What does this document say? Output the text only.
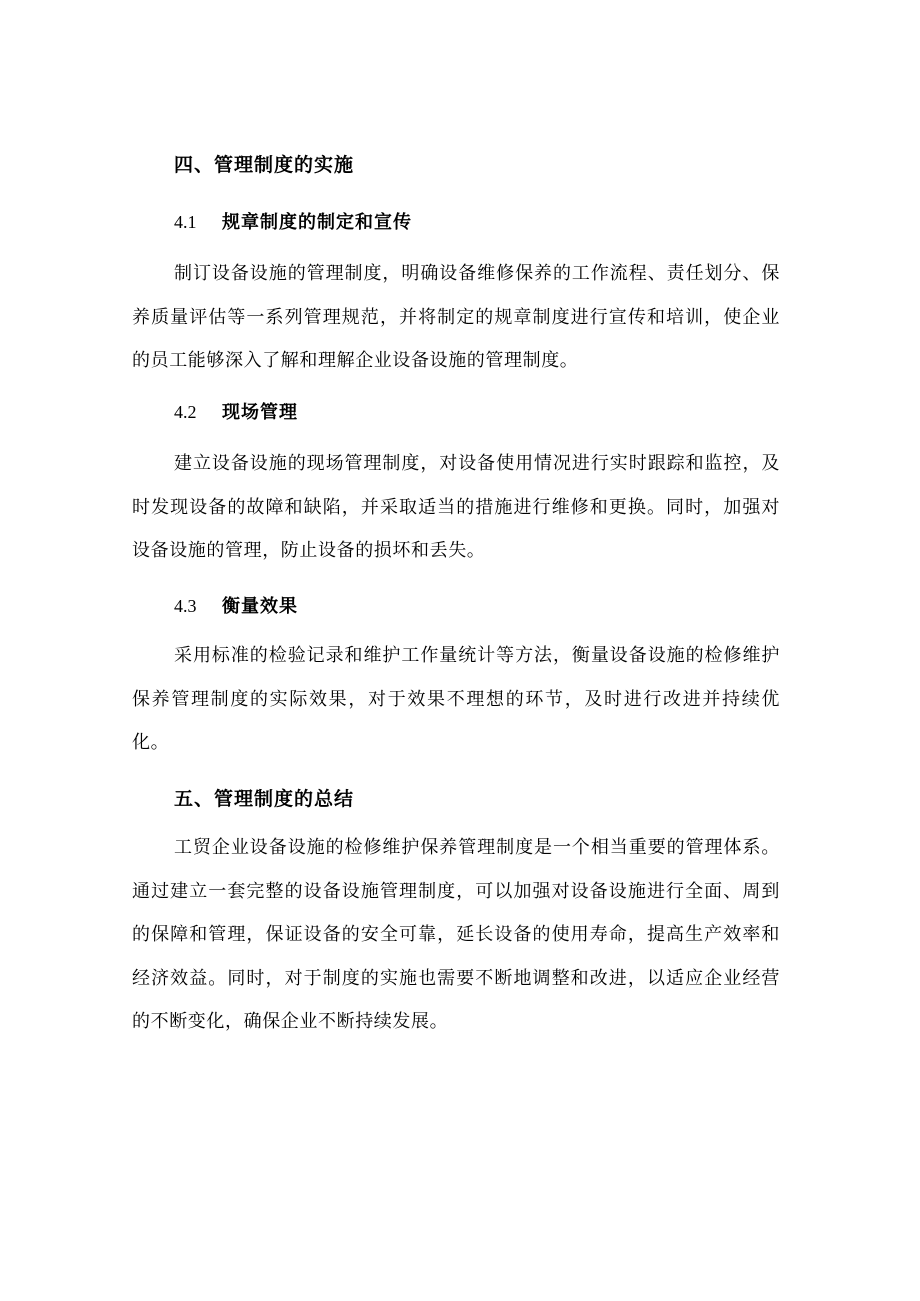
四、管理制度的实施
4.1 规章制度的制定和宣传

制订设备设施的管理制度，明确设备维修保养的工作流程、责任划分、保养质量评估等一系列管理规范，并将制定的规章制度进行宣传和培训，使企业的员工能够深入了解和理解企业设备设施的管理制度。

4.2 现场管理

建立设备设施的现场管理制度，对设备使用情况进行实时跟踪和监控，及时发现设备的故障和缺陷，并采取适当的措施进行维修和更换。同时，加强对设备设施的管理，防止设备的损坏和丢失。

4.3 衡量效果

采用标准的检验记录和维护工作量统计等方法，衡量设备设施的检修维护保养管理制度的实际效果，对于效果不理想的环节，及时进行改进并持续优化。

五、管理制度的总结

工贸企业设备设施的检修维护保养管理制度是一个相当重要的管理体系。通过建立一套完整的设备设施管理制度，可以加强对设备设施进行全面、周到的保障和管理，保证设备的安全可靠，延长设备的使用寿命，提高生产效率和经济效益。同时，对于制度的实施也需要不断地调整和改进，以适应企业经营的不断变化，确保企业不断持续发展。
